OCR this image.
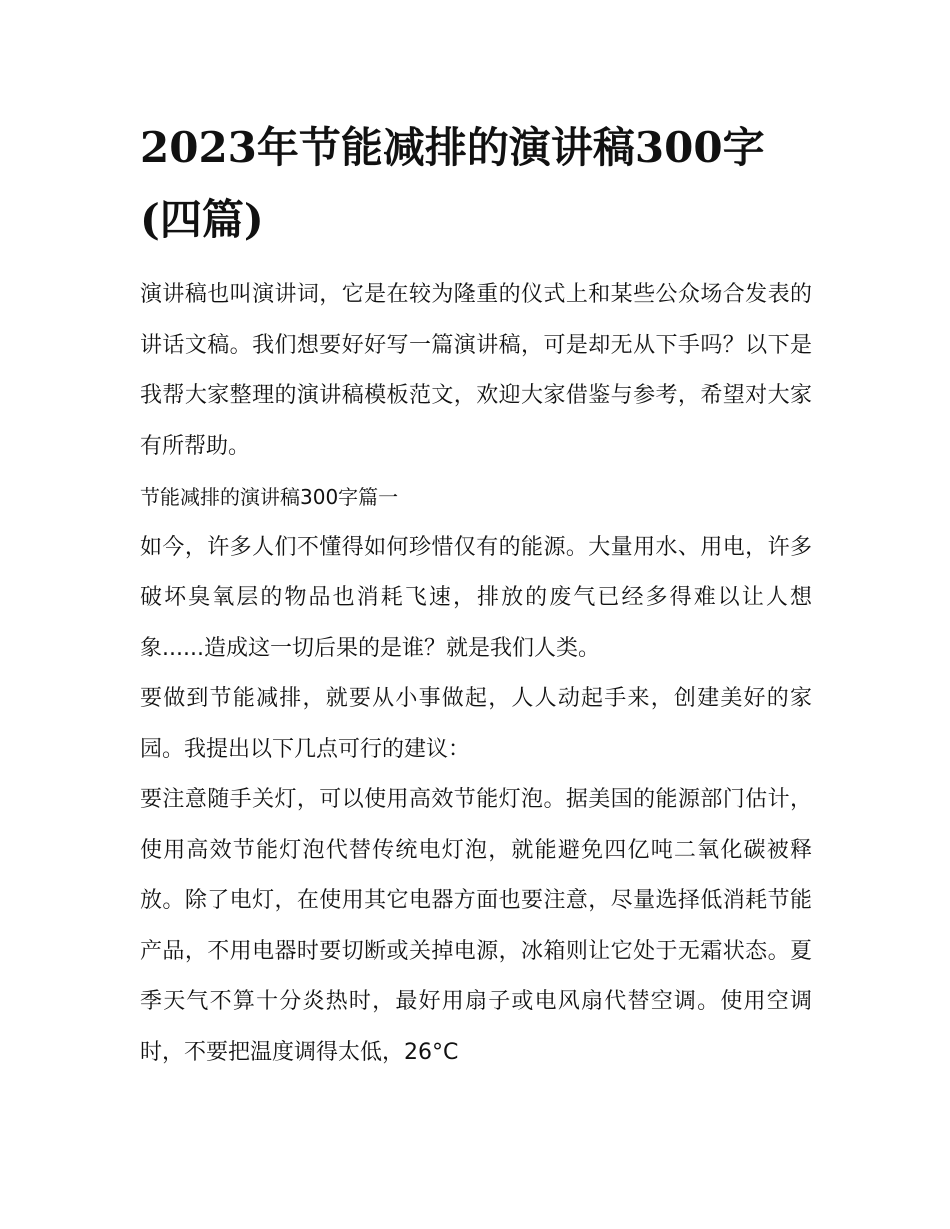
2023年节能减排的演讲稿300字(四篇)

演讲稿也叫演讲词，它是在较为隆重的仪式上和某些公众场合发表的讲话文稿。我们想要好好写一篇演讲稿，可是却无从下手吗？以下是我帮大家整理的演讲稿模板范文，欢迎大家借鉴与参考，希望对大家有所帮助。

节能减排的演讲稿300字篇一

如今，许多人们不懂得如何珍惜仅有的能源。大量用水、用电，许多破坏臭氧层的物品也消耗飞速，排放的废气已经多得难以让人想象......造成这一切后果的是谁？就是我们人类。

要做到节能减排，就要从小事做起，人人动起手来，创建美好的家园。我提出以下几点可行的建议：

要注意随手关灯，可以使用高效节能灯泡。据美国的能源部门估计，使用高效节能灯泡代替传统电灯泡，就能避免四亿吨二氧化碳被释放。除了电灯，在使用其它电器方面也要注意，尽量选择低消耗节能产品，不用电器时要切断或关掉电源，冰箱则让它处于无霜状态。夏季天气不算十分炎热时，最好用扇子或电风扇代替空调。使用空调时，不要把温度调得太低，26°C
